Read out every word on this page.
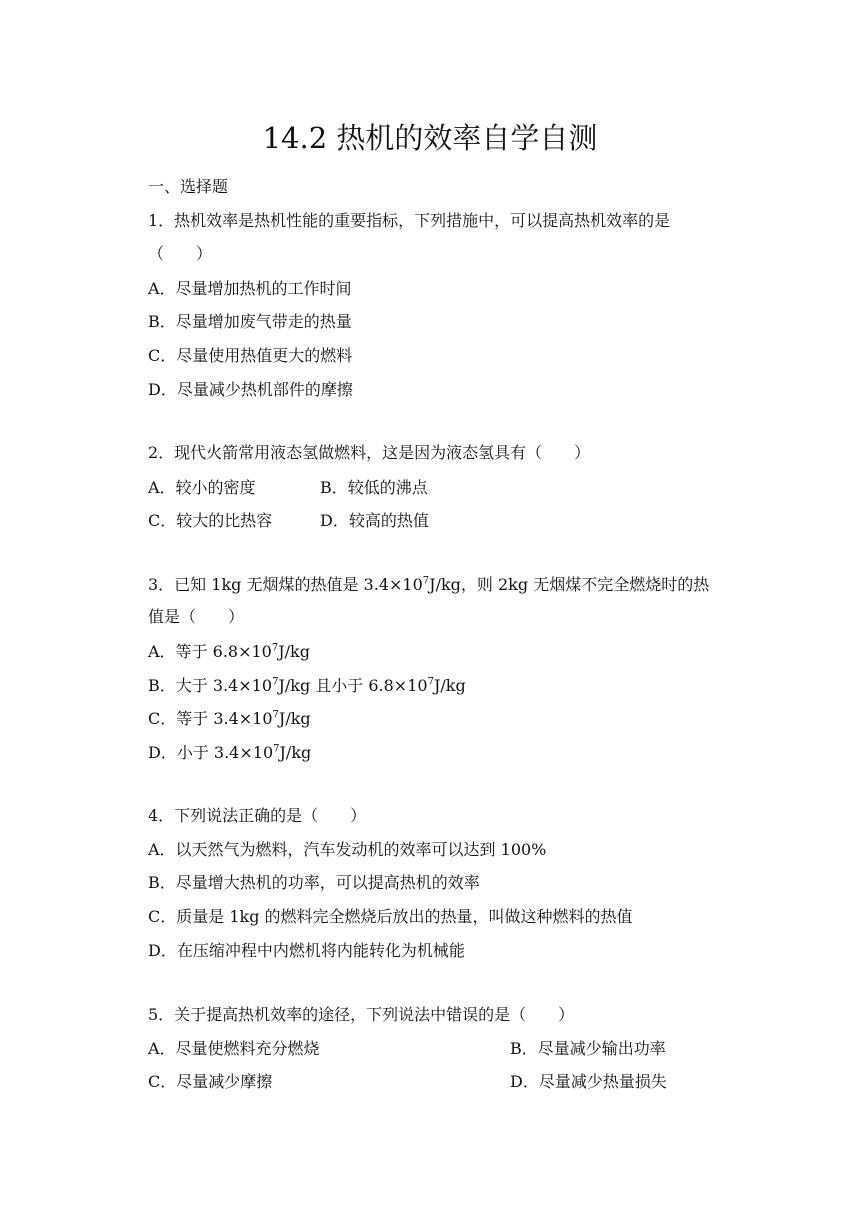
14.2 热机的效率自学自测
一、选择题
1．热机效率是热机性能的重要指标，下列措施中，可以提高热机效率的是
（　　）
A．尽量增加热机的工作时间
B．尽量增加废气带走的热量
C．尽量使用热值更大的燃料
D．尽量减少热机部件的摩擦
2．现代火箭常用液态氢做燃料，这是因为液态氢具有（　　）
A．较小的密度	B．较低的沸点
C．较大的比热容	D．较高的热值
3．已知 1kg 无烟煤的热值是 $3.4\times 10^7J/kg$，则 2kg 无烟煤不完全燃烧时的热
值是（　　）
A．等于 $6.8\times 10^7J/kg$
B．大于 $3.4\times 10^7J/kg$ 且小于 $6.8\times 10^7J/kg$
C．等于 $3.4\times 10^7J/kg$
D．小于 $3.4\times 10^7J/kg$
4．下列说法正确的是（　　）
A．以天然气为燃料，汽车发动机的效率可以达到 100%
B．尽量增大热机的功率，可以提高热机的效率
C．质量是 1kg 的燃料完全燃烧后放出的热量，叫做这种燃料的热值
D．在压缩冲程中内燃机将内能转化为机械能
5．关于提高热机效率的途径，下列说法中错误的是（　　）
A．尽量使燃料充分燃烧	B．尽量减少输出功率
C．尽量减少摩擦	D．尽量减少热量损失
